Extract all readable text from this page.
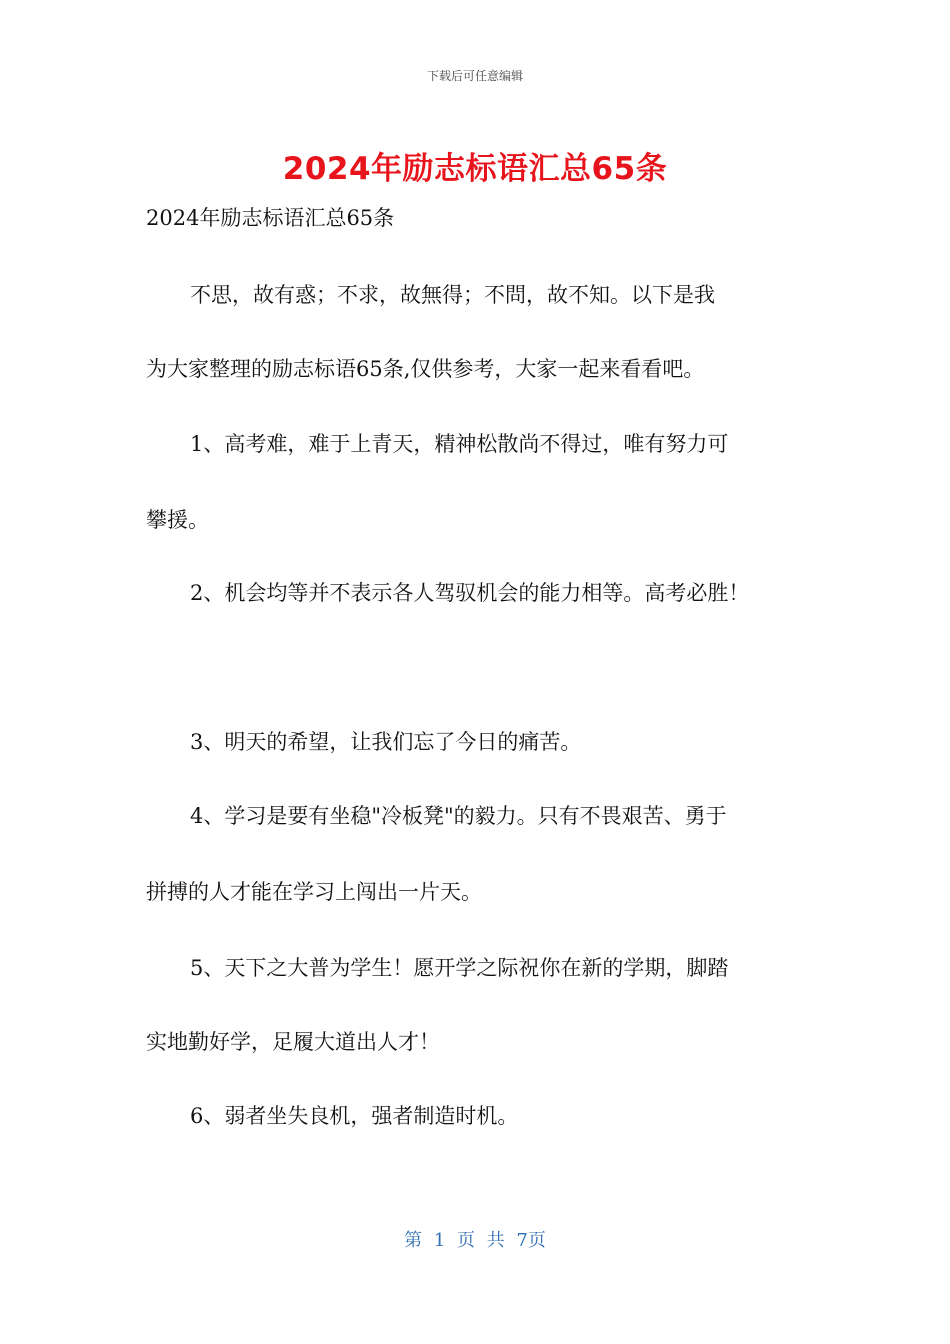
下载后可任意编辑
2024年励志标语汇总65条
2024年励志标语汇总65条
不思，故有惑；不求，故無得；不問，故不知。以下是我
为大家整理的励志标语65条,仅供参考，大家一起来看看吧。
1、高考难，难于上青天，精神松散尚不得过，唯有努力可
攀援。
2、机会均等并不表示各人驾驭机会的能力相等。高考必胜！
3、明天的希望，让我们忘了今日的痛苦。
4、学习是要有坐稳"冷板凳"的毅力。只有不畏艰苦、勇于
拼搏的人才能在学习上闯出一片天。
5、天下之大普为学生！愿开学之际祝你在新的学期，脚踏
实地勤好学，足履大道出人才！
6、弱者坐失良机，强者制造时机。
第 1 页 共 7页
